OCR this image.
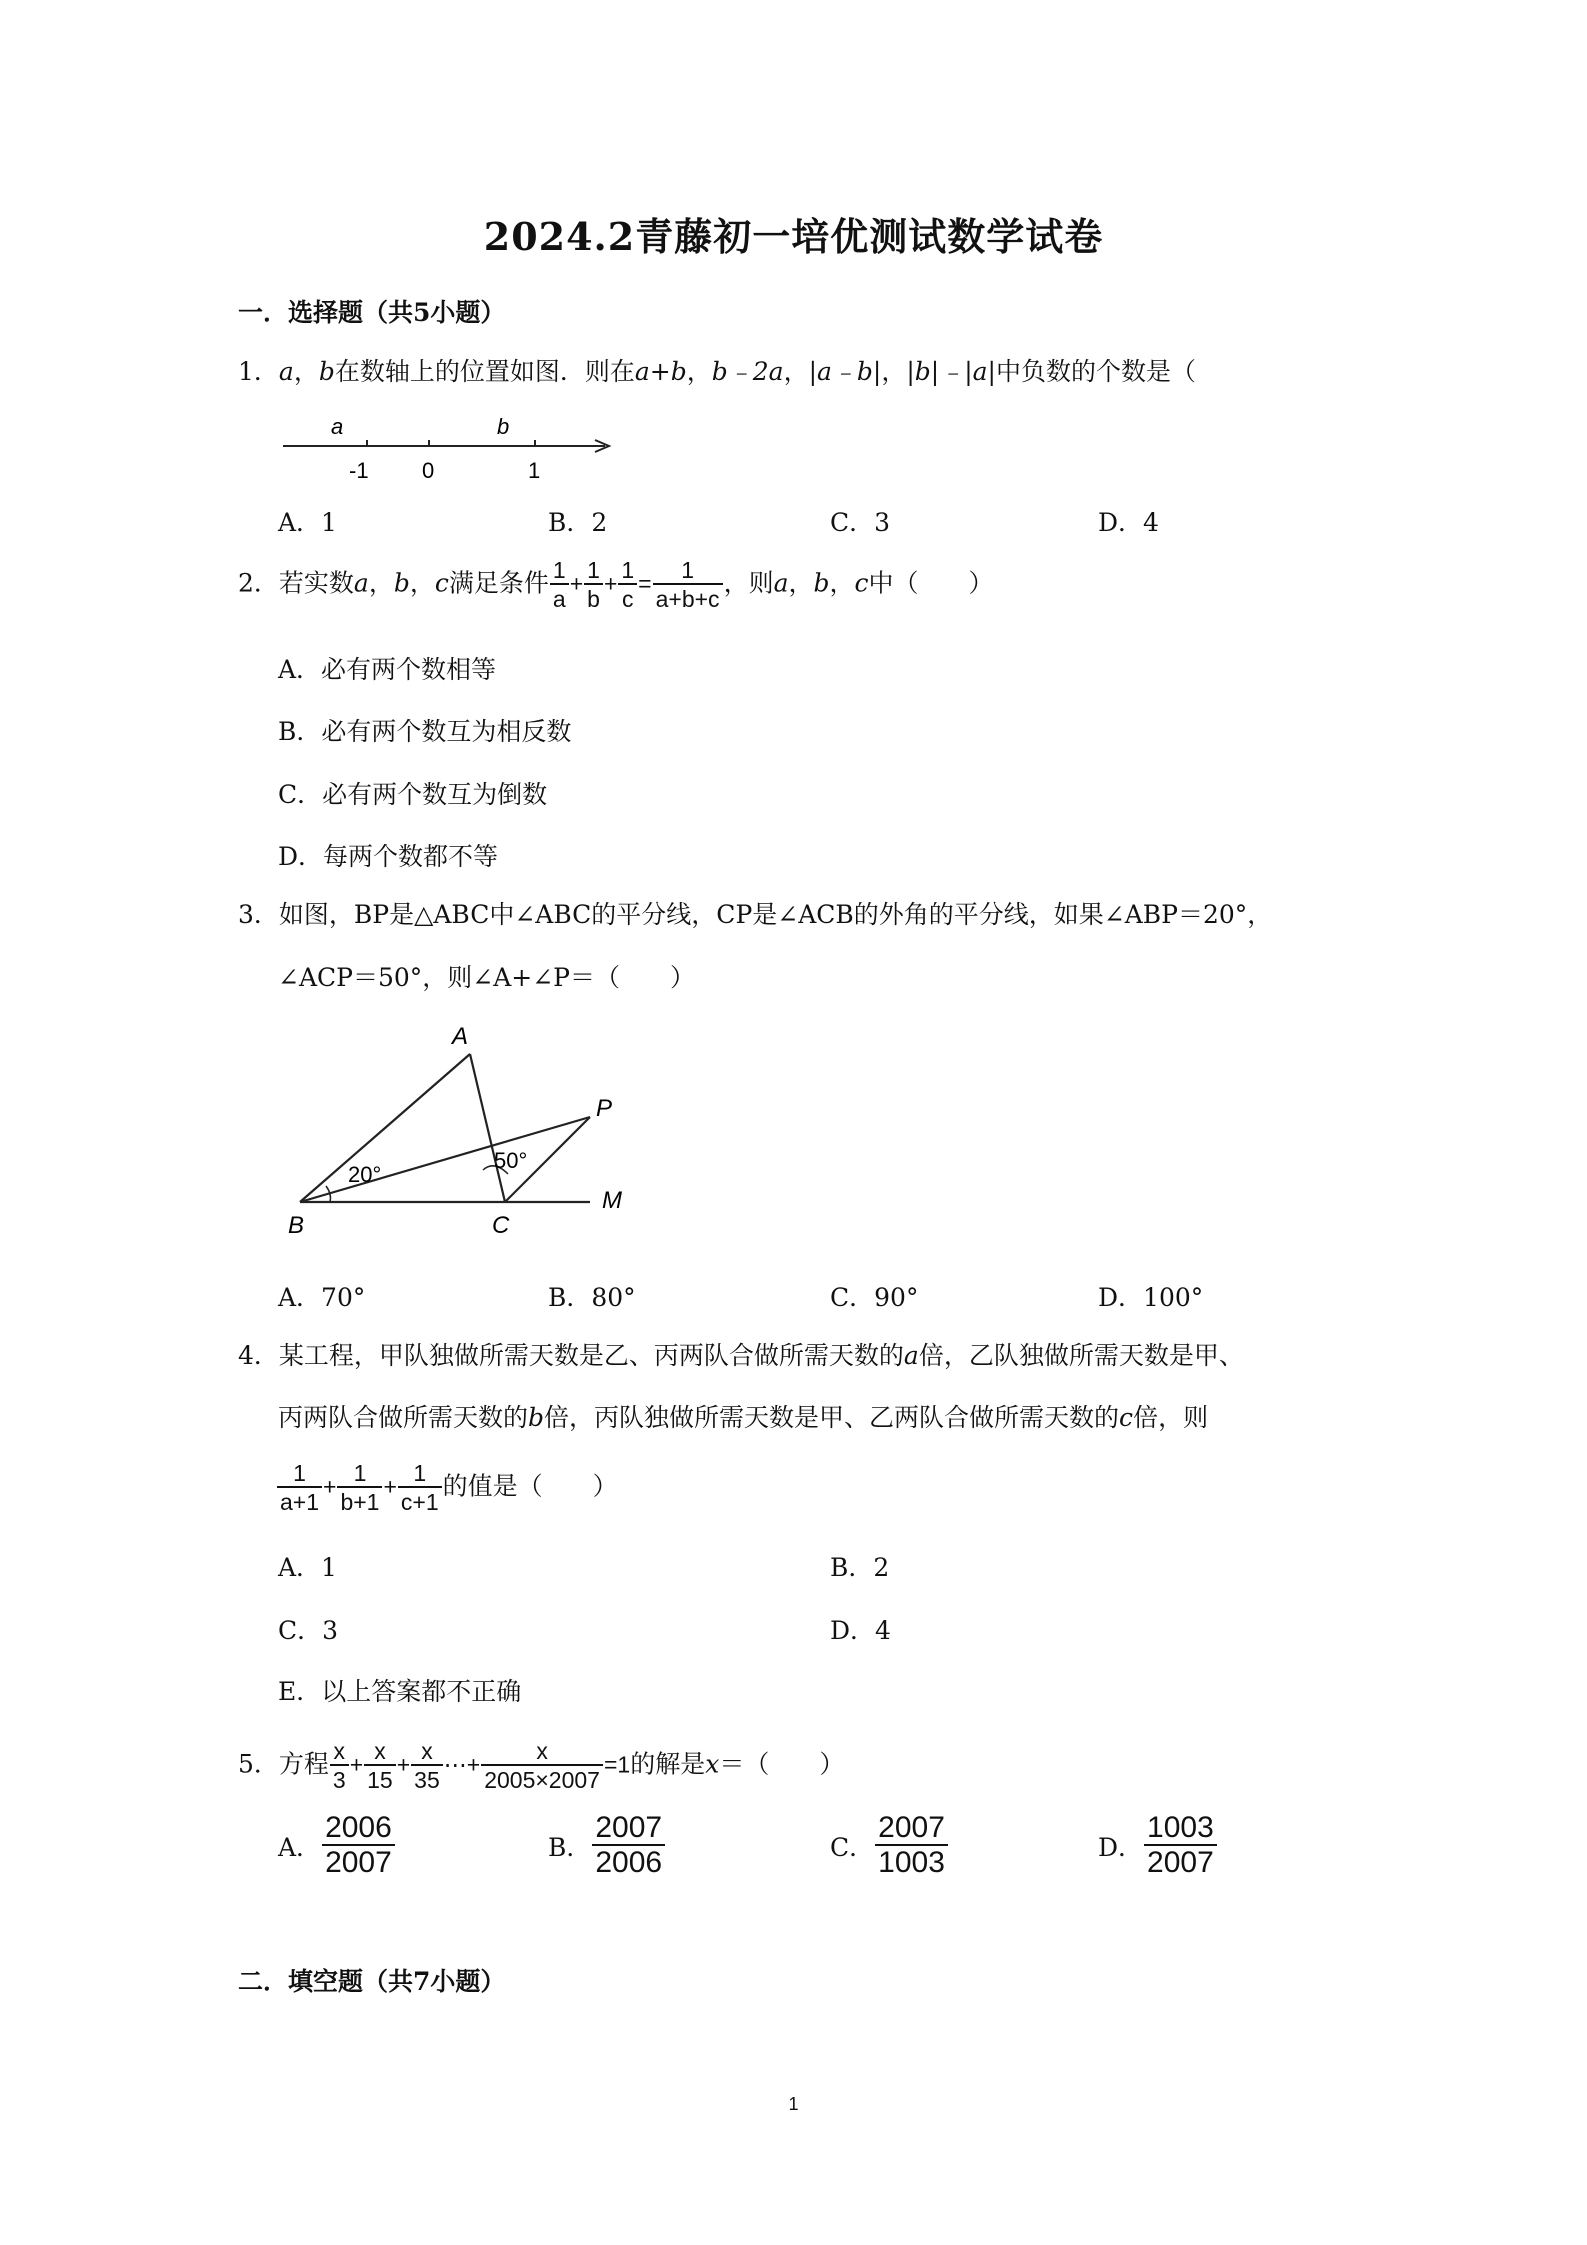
2024.2青藤初一培优测试数学试卷
一．选择题（共5小题）
1．a，b在数轴上的位置如图．则在a+b，b﹣2a，|a﹣b|，|b|﹣|a|中负数的个数是（
a	b
-1 0	1
A．1	B．2	C．3	D．4
2．若实数a，b，c满足条件 $\frac{1}{a} + \frac{1}{b} + \frac{1}{c} = \frac{1}{a+b+c}$ ，则a，b，c中（　　）
A．必有两个数相等
B．必有两个数互为相反数
C．必有两个数互为倒数
D．每两个数都不等
3．如图，BP是△ABC中∠ABC的平分线，CP是∠ACB的外角的平分线，如果∠ABP＝20°，
∠ACP＝50°，则∠A+∠P＝（　　）
A
B	C
P
M
20°
50°
A．70°	B．80°	C．90°	D．100°
4．某工程，甲队独做所需天数是乙、丙两队合做所需天数的a倍，乙队独做所需天数是甲、
丙两队合做所需天数的b倍，丙队独做所需天数是甲、乙两队合做所需天数的c倍，则
$\frac{1}{a+1} + \frac{1}{b+1} + \frac{1}{c+1}$ 的值是（　　）
A．1	B．2
C．3	D．4
E．以上答案都不正确
5．方程 $\frac{x}{3} + \frac{x}{15} + \frac{x}{35}$ ⋯+ $\frac{x}{2005\times 2007} =1$的解是x＝（　　）
A． $\frac{2006}{2007}$	B． $\frac{2007}{2006}$	C． $\frac{2007}{1003}$	D． $\frac{1003}{2007}$
二．填空题（共7小题）
1
